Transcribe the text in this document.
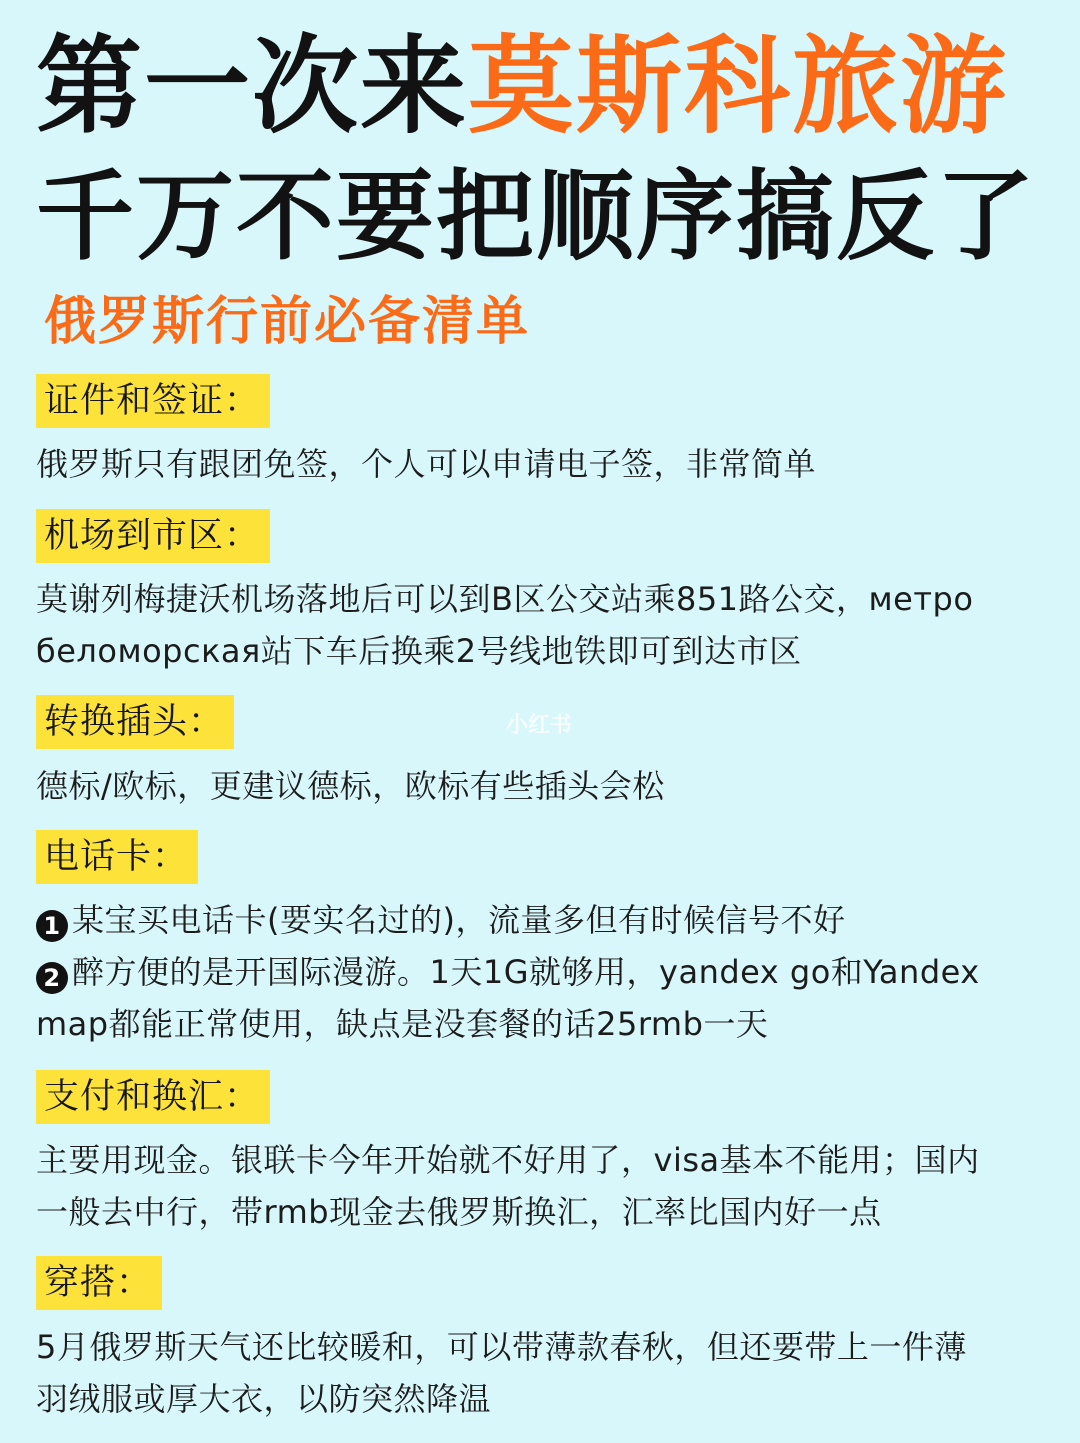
第一次来莫斯科旅游
千万不要把顺序搞反了
俄罗斯行前必备清单
证件和签证：
俄罗斯只有跟团免签，个人可以申请电子签，非常简单
机场到市区：
莫谢列梅捷沃机场落地后可以到B区公交站乘851路公交，метро
беломорская站下车后换乘2号线地铁即可到达市区
转换插头：
德标/欧标，更建议德标，欧标有些插头会松
电话卡：
1 某宝买电话卡(要实名过的)，流量多但有时候信号不好
2 醉方便的是开国际漫游。1天1G就够用，yandex go和Yandex
map都能正常使用，缺点是没套餐的话25rmb一天
支付和换汇：
主要用现金。银联卡今年开始就不好用了，visa基本不能用；国内
一般去中行，带rmb现金去俄罗斯换汇，汇率比国内好一点
穿搭：
5月俄罗斯天气还比较暖和，可以带薄款春秋，但还要带上一件薄
羽绒服或厚大衣，以防突然降温
小红书
